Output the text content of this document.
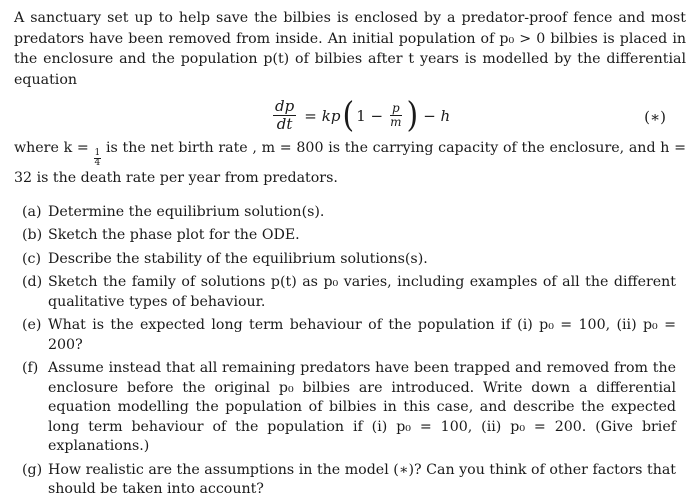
A sanctuary set up to help save the bilbies is enclosed by a predator-proof fence and most predators have been removed from inside. An initial population of p₀ > 0 bilbies is placed in the enclosure and the population p(t) of bilbies after t years is modelled by the differential equation

$\frac{dp}{dt}$ = kp ( $1 - \frac{p}{m}$ ) − h	(∗)

where k =
$\frac{1}{4}$
is the net birth rate , m = 800 is the carrying capacity of the enclosure, and h = 32 is the death rate per year from predators.

(a) Determine the equilibrium solution(s).
(b) Sketch the phase plot for the ODE.
(c) Describe the stability of the equilibrium solutions(s).
(d) Sketch the family of solutions p(t) as p₀ varies, including examples of all the different qualitative types of behaviour.
(e) What is the expected long term behaviour of the population if (i) p₀ = 100, (ii) p₀ = 200?
(f) Assume instead that all remaining predators have been trapped and removed from the enclosure before the original p₀ bilbies are introduced. Write down a differential equation modelling the population of bilbies in this case, and describe the expected long term behaviour of the population if (i) p₀ = 100, (ii) p₀ = 200. (Give brief explanations.)
(g) How realistic are the assumptions in the model (∗)? Can you think of other factors that should be taken into account?
